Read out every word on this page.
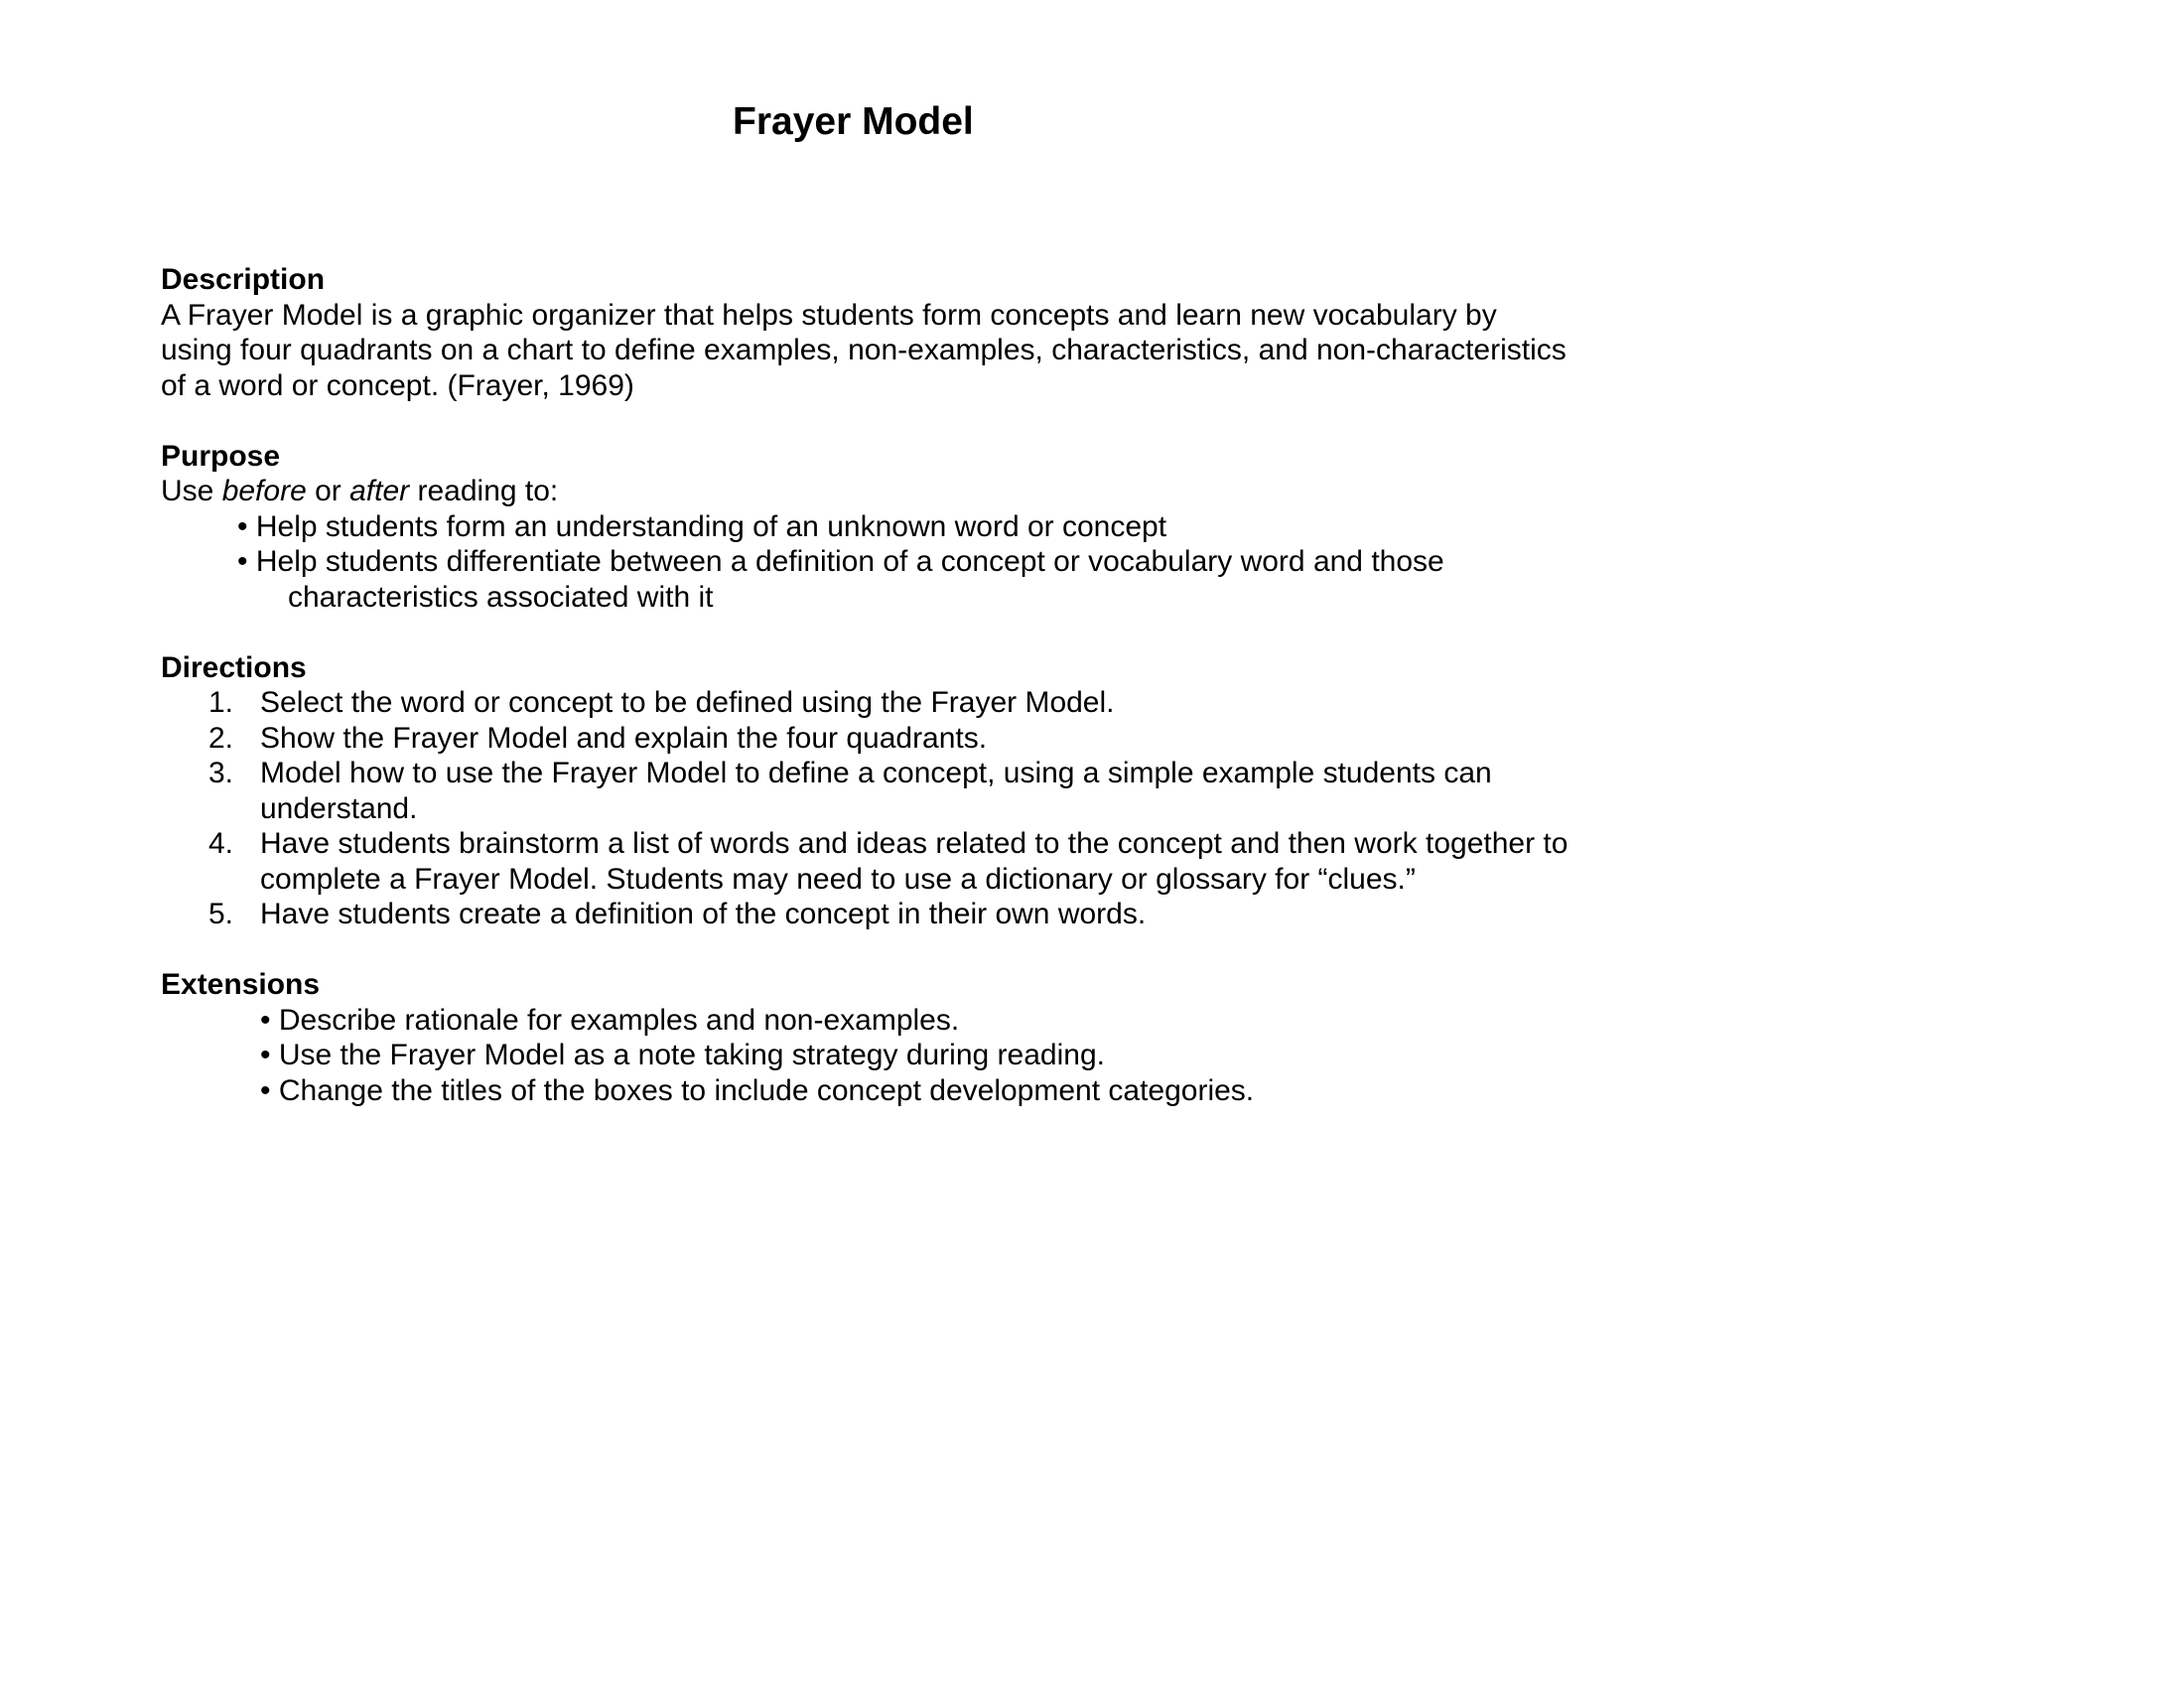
Frayer Model

Description

A Frayer Model is a graphic organizer that helps students form concepts and learn new vocabulary by using four quadrants on a chart to define examples, non-examples, characteristics, and non-characteristics of a word or concept. (Frayer, 1969)

Purpose

Use before or after reading to:

• Help students form an understanding of an unknown word or concept
• Help students differentiate between a definition of a concept or vocabulary word and those
characteristics associated with it

Directions

1. Select the word or concept to be defined using the Frayer Model.
2. Show the Frayer Model and explain the four quadrants.
3. Model how to use the Frayer Model to define a concept, using a simple example students can understand.
4. Have students brainstorm a list of words and ideas related to the concept and then work together to complete a Frayer Model. Students may need to use a dictionary or glossary for “clues.”
5. Have students create a definition of the concept in their own words.

Extensions

• Describe rationale for examples and non-examples.
• Use the Frayer Model as a note taking strategy during reading.
• Change the titles of the boxes to include concept development categories.
